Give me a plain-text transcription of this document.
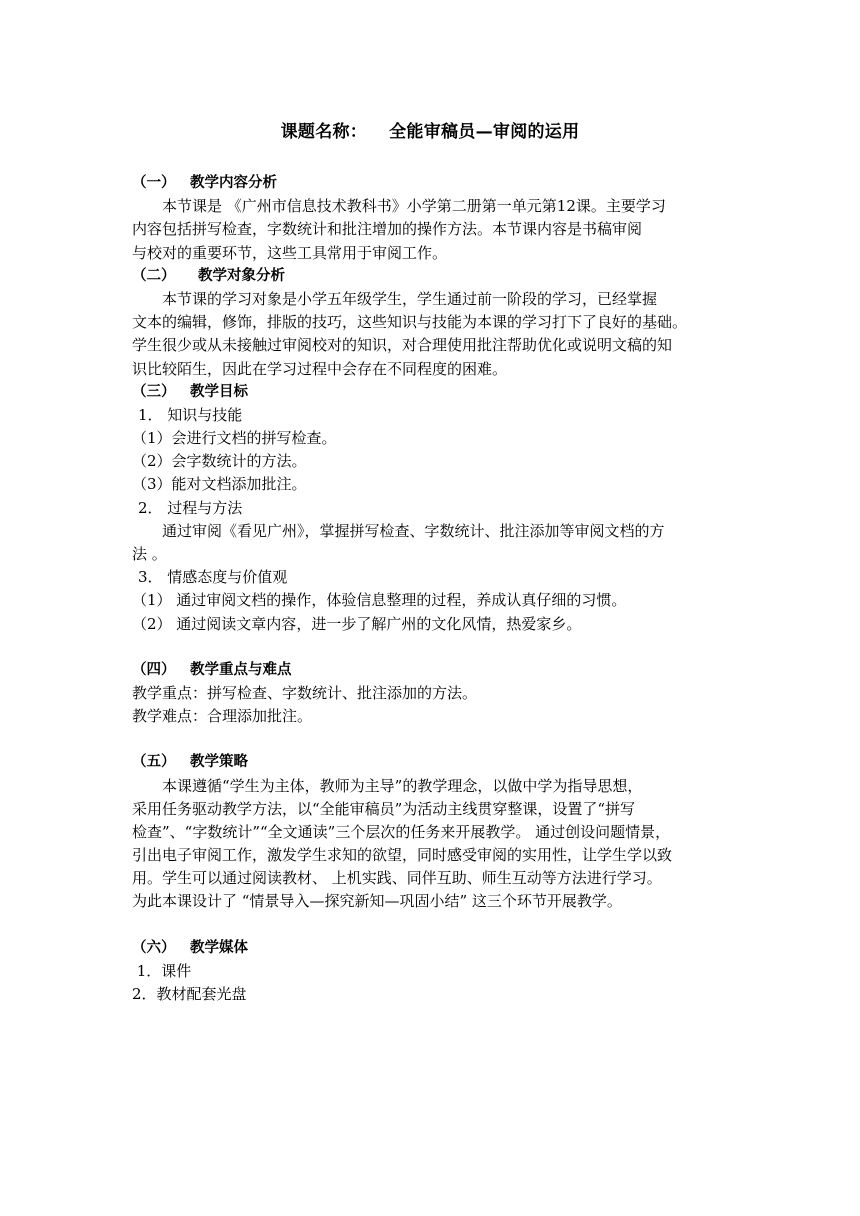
课题名称： 全能审稿员—审阅的运用
（一） 教学内容分析
本节课是 《广州市信息技术教科书》小学第二册第一单元第12课。主要学习
内容包括拼写检查，字数统计和批注增加的操作方法。本节课内容是书稿审阅
与校对的重要环节，这些工具常用于审阅工作。
（二） 教学对象分析
本节课的学习对象是小学五年级学生，学生通过前一阶段的学习，已经掌握
文本的编辑，修饰，排版的技巧，这些知识与技能为本课的学习打下了良好的基础。
学生很少或从未接触过审阅校对的知识，对合理使用批注帮助优化或说明文稿的知
识比较陌生，因此在学习过程中会存在不同程度的困难。
（三） 教学目标
1． 知识与技能
（1）会进行文档的拼写检查。
（2）会字数统计的方法。
（3）能对文档添加批注。
2． 过程与方法
通过审阅《看见广州》，掌握拼写检查、字数统计、批注添加等审阅文档的方
法 。
3． 情感态度与价值观
（1） 通过审阅文档的操作，体验信息整理的过程，养成认真仔细的习惯。
（2） 通过阅读文章内容，进一步了解广州的文化风情，热爱家乡。
（四） 教学重点与难点
教学重点：拼写检查、字数统计、批注添加的方法。
教学难点：合理添加批注。
（五） 教学策略
本课遵循“学生为主体，教师为主导”的教学理念，以做中学为指导思想，
采用任务驱动教学方法，以“全能审稿员”为活动主线贯穿整课，设置了“拼写
检查”、“字数统计”“全文通读”三个层次的任务来开展教学。 通过创设问题情景，
引出电子审阅工作，激发学生求知的欲望，同时感受审阅的实用性，让学生学以致
用。学生可以通过阅读教材、 上机实践、同伴互助、师生互动等方法进行学习。
为此本课设计了 “情景导入—探究新知—巩固小结” 这三个环节开展教学。
（六） 教学媒体
1．课件
2．教材配套光盘
